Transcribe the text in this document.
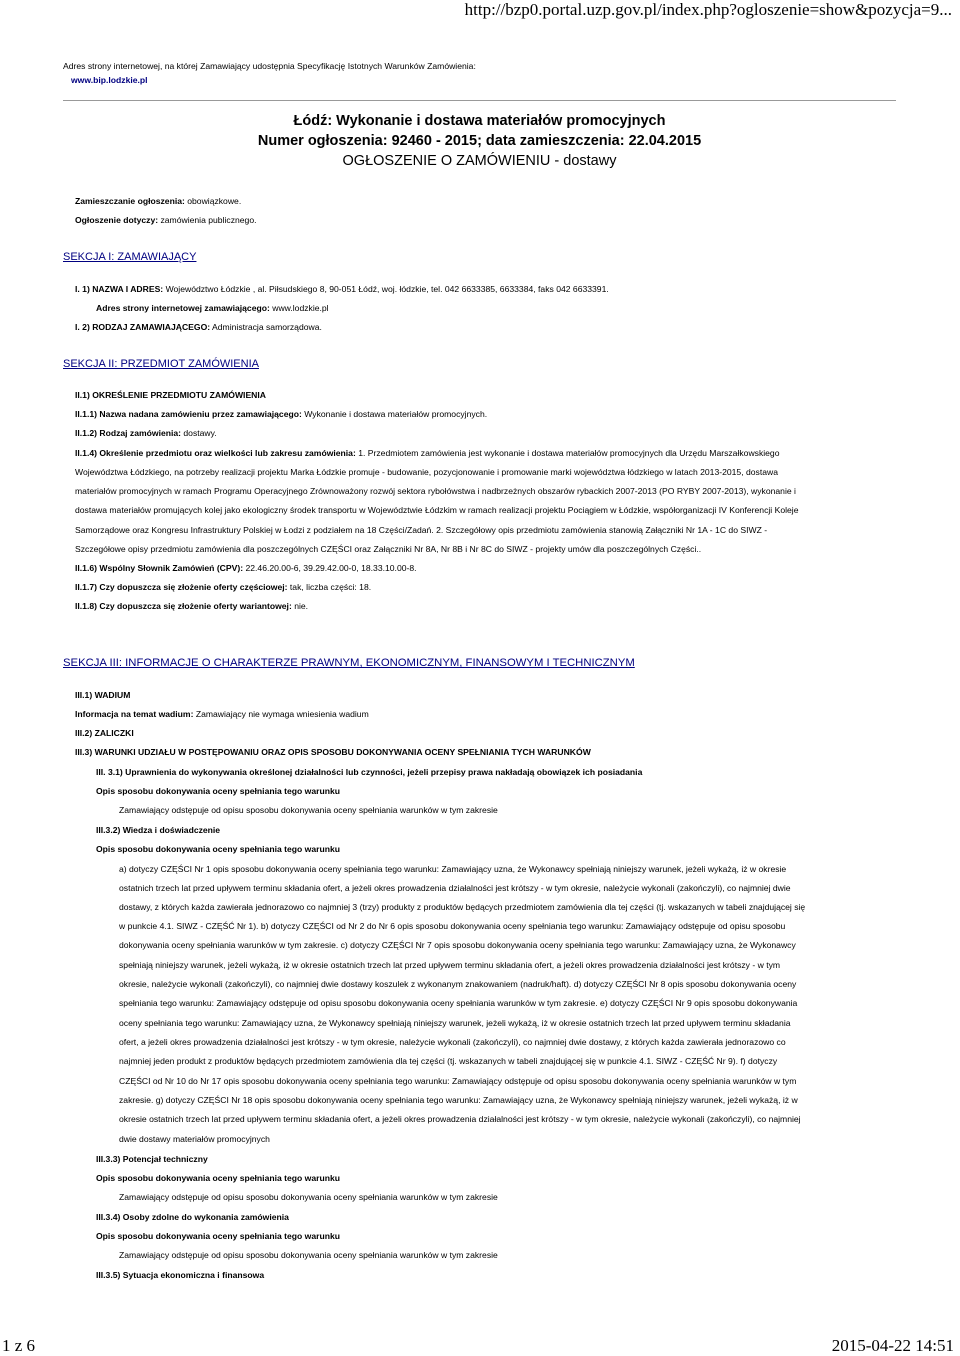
http://bzp0.portal.uzp.gov.pl/index.php?ogloszenie=show&pozycja=9...
Adres strony internetowej, na której Zamawiający udostępnia Specyfikację Istotnych Warunków Zamówienia:
www.bip.lodzkie.pl
Łódź: Wykonanie i dostawa materiałów promocyjnych
Numer ogłoszenia: 92460 - 2015; data zamieszczenia: 22.04.2015
OGŁOSZENIE O ZAMÓWIENIU - dostawy
Zamieszczanie ogłoszenia: obowiązkowe.
Ogłoszenie dotyczy: zamówienia publicznego.
SEKCJA I: ZAMAWIAJĄCY
I. 1) NAZWA I ADRES: Województwo Łódzkie , al. Piłsudskiego 8, 90-051 Łódź, woj. łódzkie, tel. 042 6633385, 6633384, faks 042 6633391.
Adres strony internetowej zamawiającego: www.lodzkie.pl
I. 2) RODZAJ ZAMAWIAJĄCEGO: Administracja samorządowa.
SEKCJA II: PRZEDMIOT ZAMÓWIENIA
II.1) OKREŚLENIE PRZEDMIOTU ZAMÓWIENIA
II.1.1) Nazwa nadana zamówieniu przez zamawiającego: Wykonanie i dostawa materiałów promocyjnych.
II.1.2) Rodzaj zamówienia: dostawy.
II.1.4) Określenie przedmiotu oraz wielkości lub zakresu zamówienia: 1. Przedmiotem zamówienia jest wykonanie i dostawa materiałów promocyjnych dla Urzędu Marszałkowskiego
Województwa Łódzkiego, na potrzeby realizacji projektu Marka Łódzkie promuje - budowanie, pozycjonowanie i promowanie marki województwa łódzkiego w latach 2013-2015, dostawa
materiałów promocyjnych w ramach Programu Operacyjnego Zrównoważony rozwój sektora rybołówstwa i nadbrzeżnych obszarów rybackich 2007-2013 (PO RYBY 2007-2013), wykonanie i
dostawa materiałów promujących kolej jako ekologiczny środek transportu w Województwie Łódzkim w ramach realizacji projektu Pociągiem w Łódzkie, współorganizacji IV Konferencji Koleje
Samorządowe oraz Kongresu Infrastruktury Polskiej w Łodzi z podziałem na 18 Części/Zadań. 2. Szczegółowy opis przedmiotu zamówienia stanowią Załączniki Nr 1A - 1C do SIWZ -
Szczegółowe opisy przedmiotu zamówienia dla poszczególnych CZĘŚCI oraz Załączniki Nr 8A, Nr 8B i Nr 8C do SIWZ - projekty umów dla poszczególnych Części..
II.1.6) Wspólny Słownik Zamówień (CPV): 22.46.20.00-6, 39.29.42.00-0, 18.33.10.00-8.
II.1.7) Czy dopuszcza się złożenie oferty częściowej: tak, liczba części: 18.
II.1.8) Czy dopuszcza się złożenie oferty wariantowej: nie.
SEKCJA III: INFORMACJE O CHARAKTERZE PRAWNYM, EKONOMICZNYM, FINANSOWYM I TECHNICZNYM
III.1) WADIUM
Informacja na temat wadium: Zamawiający nie wymaga wniesienia wadium
III.2) ZALICZKI
III.3) WARUNKI UDZIAŁU W POSTĘPOWANIU ORAZ OPIS SPOSOBU DOKONYWANIA OCENY SPEŁNIANIA TYCH WARUNKÓW
III. 3.1) Uprawnienia do wykonywania określonej działalności lub czynności, jeżeli przepisy prawa nakładają obowiązek ich posiadania
Opis sposobu dokonywania oceny spełniania tego warunku
Zamawiający odstępuje od opisu sposobu dokonywania oceny spełniania warunków w tym zakresie
III.3.2) Wiedza i doświadczenie
Opis sposobu dokonywania oceny spełniania tego warunku
a) dotyczy CZĘŚCI Nr 1 opis sposobu dokonywania oceny spełniania tego warunku: Zamawiający uzna, że Wykonawcy spełniają niniejszy warunek, jeżeli wykażą, iż w okresie
ostatnich trzech lat przed upływem terminu składania ofert, a jeżeli okres prowadzenia działalności jest krótszy - w tym okresie, należycie wykonali (zakończyli), co najmniej dwie
dostawy, z których każda zawierała jednorazowo co najmniej 3 (trzy) produkty z produktów będących przedmiotem zamówienia dla tej części (tj. wskazanych w tabeli znajdującej się
w punkcie 4.1. SIWZ - CZĘŚĆ Nr 1). b) dotyczy CZĘŚCI od Nr 2 do Nr 6 opis sposobu dokonywania oceny spełniania tego warunku: Zamawiający odstępuje od opisu sposobu
dokonywania oceny spełniania warunków w tym zakresie. c) dotyczy CZĘŚCI Nr 7 opis sposobu dokonywania oceny spełniania tego warunku: Zamawiający uzna, że Wykonawcy
spełniają niniejszy warunek, jeżeli wykażą, iż w okresie ostatnich trzech lat przed upływem terminu składania ofert, a jeżeli okres prowadzenia działalności jest krótszy - w tym
okresie, należycie wykonali (zakończyli), co najmniej dwie dostawy koszulek z wykonanym znakowaniem (nadruk/haft). d) dotyczy CZĘŚCI Nr 8 opis sposobu dokonywania oceny
spełniania tego warunku: Zamawiający odstępuje od opisu sposobu dokonywania oceny spełniania warunków w tym zakresie. e) dotyczy CZĘŚCI Nr 9 opis sposobu dokonywania
oceny spełniania tego warunku: Zamawiający uzna, że Wykonawcy spełniają niniejszy warunek, jeżeli wykażą, iż w okresie ostatnich trzech lat przed upływem terminu składania
ofert, a jeżeli okres prowadzenia działalności jest krótszy - w tym okresie, należycie wykonali (zakończyli), co najmniej dwie dostawy, z których każda zawierała jednorazowo co
najmniej jeden produkt z produktów będących przedmiotem zamówienia dla tej części (tj. wskazanych w tabeli znajdującej się w punkcie 4.1. SIWZ - CZĘŚĆ Nr 9). f) dotyczy
CZĘŚCI od Nr 10 do Nr 17 opis sposobu dokonywania oceny spełniania tego warunku: Zamawiający odstępuje od opisu sposobu dokonywania oceny spełniania warunków w tym
zakresie. g) dotyczy CZĘŚCI Nr 18 opis sposobu dokonywania oceny spełniania tego warunku: Zamawiający uzna, że Wykonawcy spełniają niniejszy warunek, jeżeli wykażą, iż w
okresie ostatnich trzech lat przed upływem terminu składania ofert, a jeżeli okres prowadzenia działalności jest krótszy - w tym okresie, należycie wykonali (zakończyli), co najmniej
dwie dostawy materiałów promocyjnych
III.3.3) Potencjał techniczny
Opis sposobu dokonywania oceny spełniania tego warunku
Zamawiający odstępuje od opisu sposobu dokonywania oceny spełniania warunków w tym zakresie
III.3.4) Osoby zdolne do wykonania zamówienia
Opis sposobu dokonywania oceny spełniania tego warunku
Zamawiający odstępuje od opisu sposobu dokonywania oceny spełniania warunków w tym zakresie
III.3.5) Sytuacja ekonomiczna i finansowa
1 z 6	2015-04-22 14:51
